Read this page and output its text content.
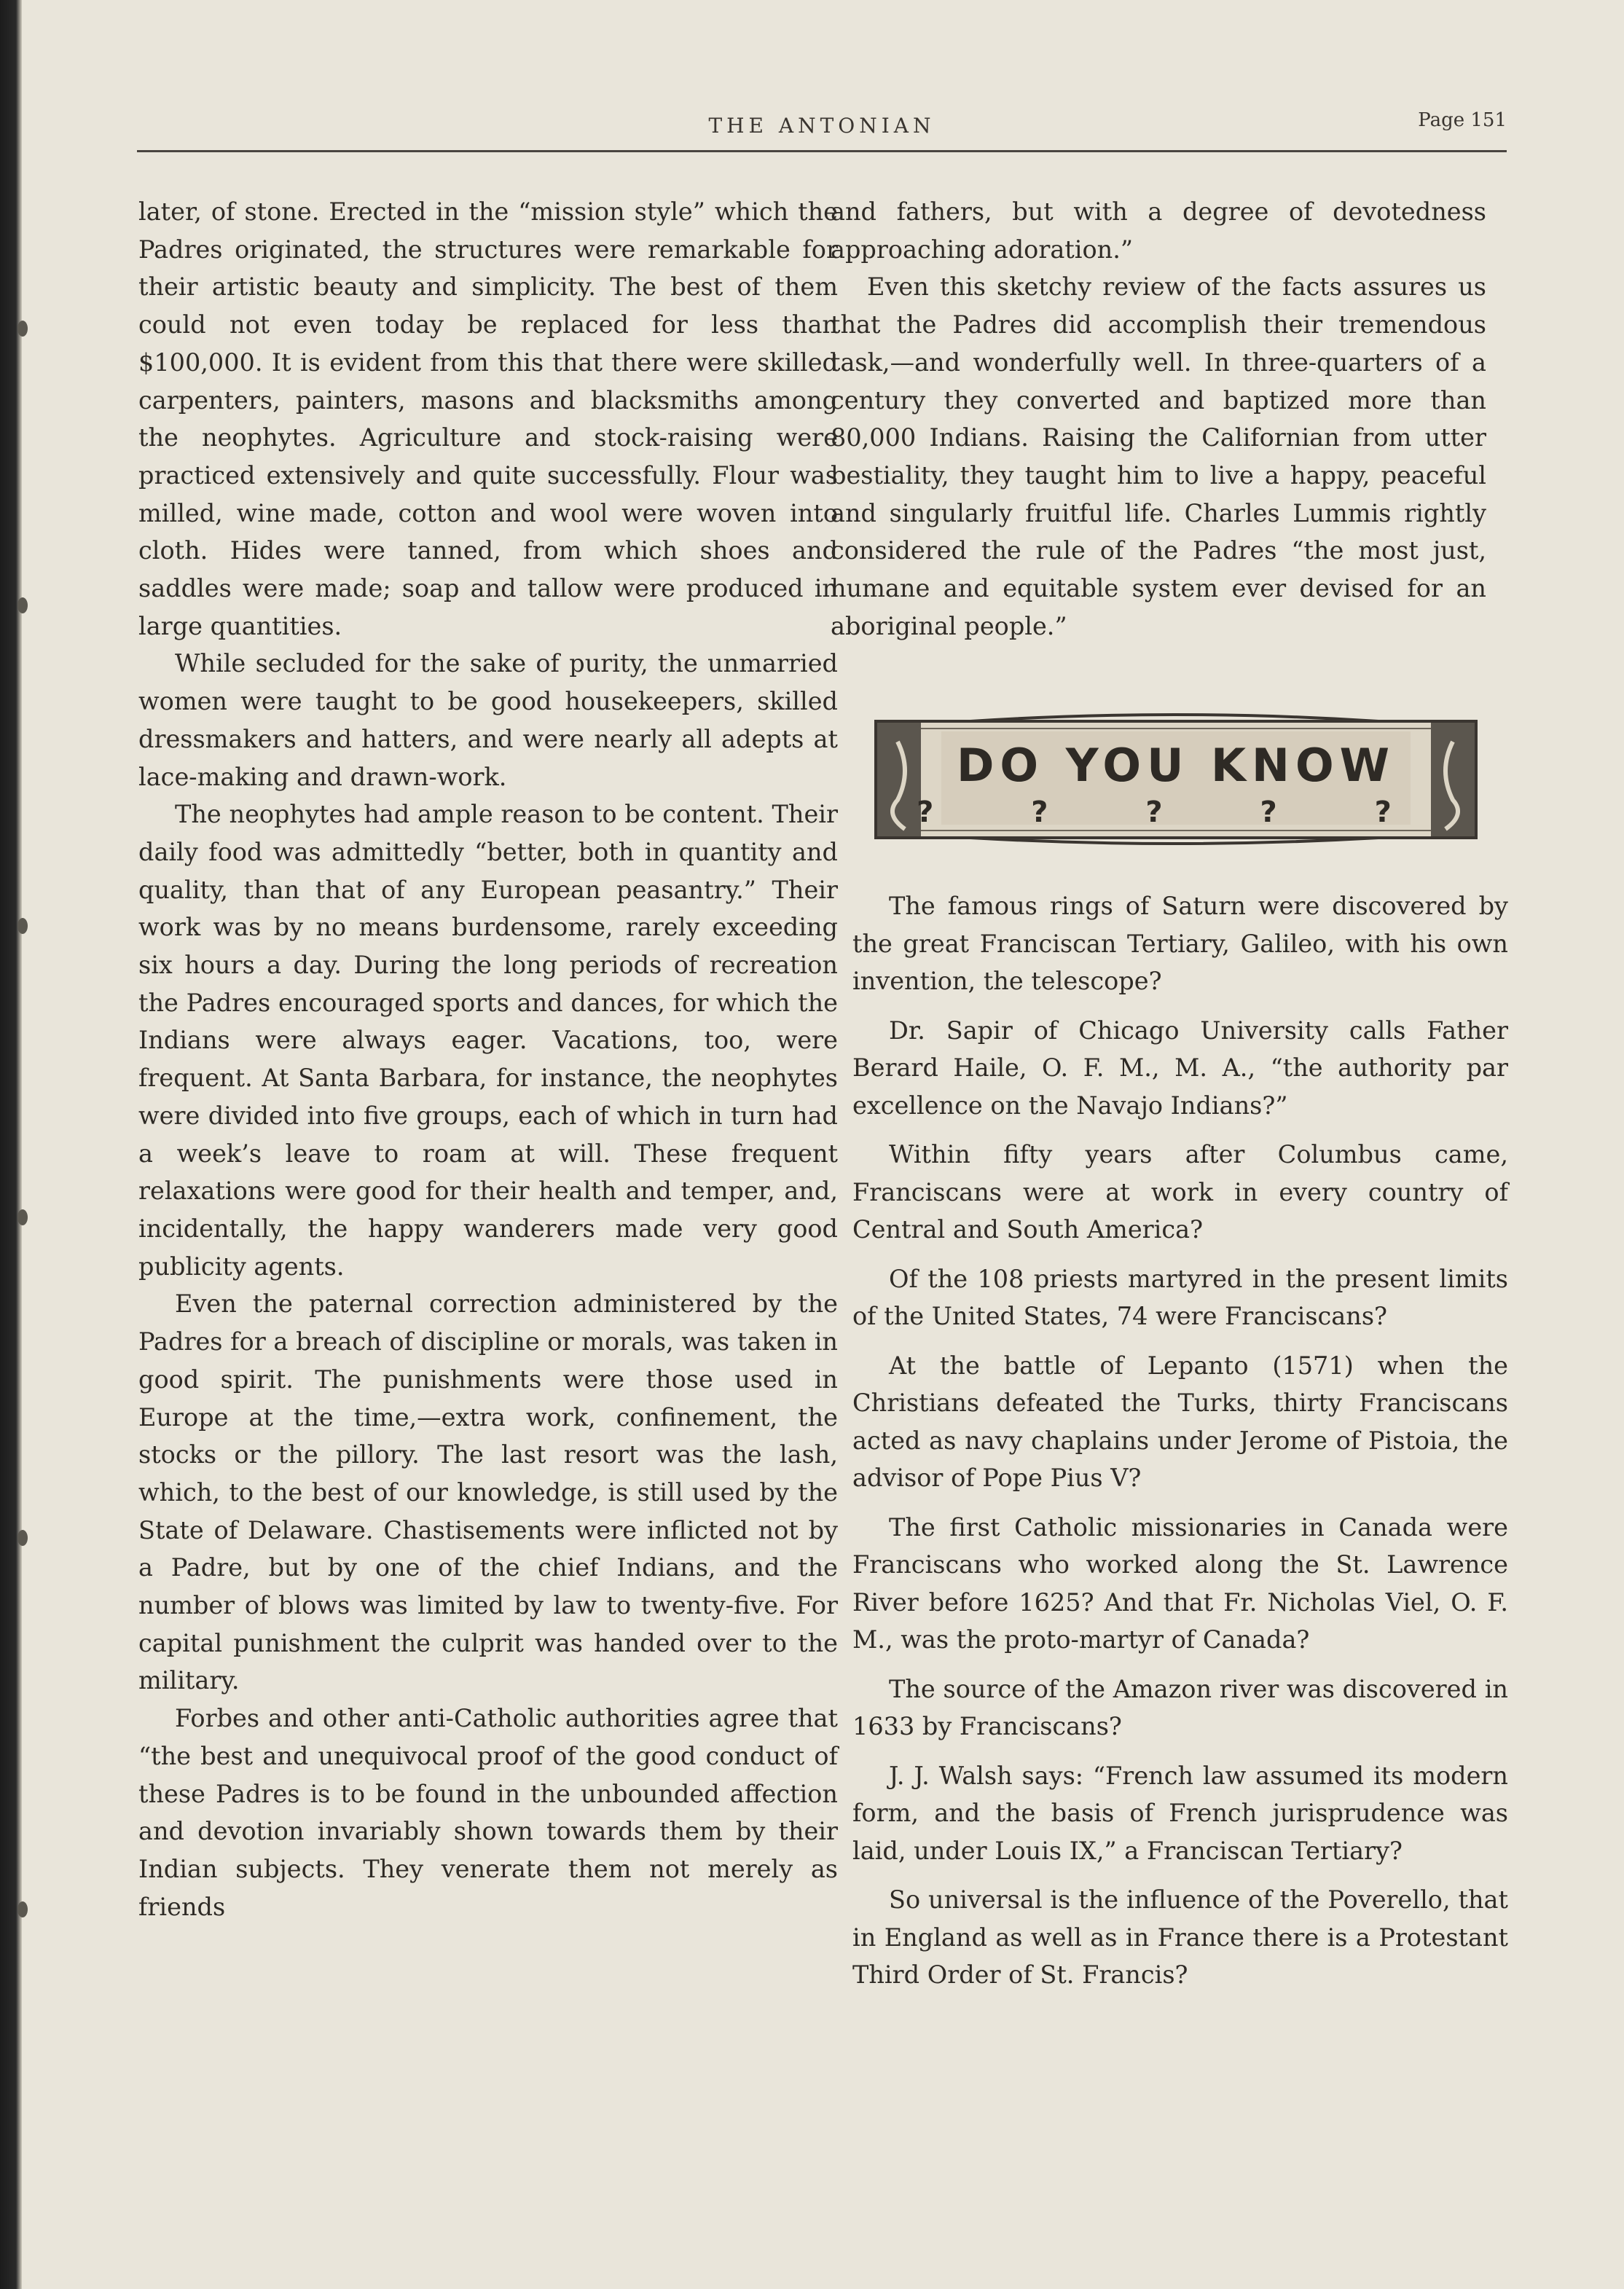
THE ANTONIAN	Page 151

later, of stone. Erected in the “mission style” which the Padres originated, the structures were remarkable for their artistic beauty and simplicity. The best of them could not even today be replaced for less than $100,000. It is evident from this that there were skilled carpenters, painters, masons and blacksmiths among the neophytes. Agriculture and stock-raising were practiced extensively and quite successfully. Flour was milled, wine made, cotton and wool were woven into cloth. Hides were tanned, from which shoes and saddles were made; soap and tallow were produced in large quantities.

While secluded for the sake of purity, the unmarried women were taught to be good housekeepers, skilled dressmakers and hatters, and were nearly all adepts at lace-making and drawn-work.

The neophytes had ample reason to be content. Their daily food was admittedly “better, both in quantity and quality, than that of any European peasantry.” Their work was by no means burdensome, rarely exceeding six hours a day. During the long periods of recreation the Padres encouraged sports and dances, for which the Indians were always eager. Vacations, too, were frequent. At Santa Barbara, for instance, the neophytes were divided into five groups, each of which in turn had a week’s leave to roam at will. These frequent relaxations were good for their health and temper, and, incidentally, the happy wanderers made very good publicity agents.

Even the paternal correction administered by the Padres for a breach of discipline or morals, was taken in good spirit. The punishments were those used in Europe at the time,—extra work, confinement, the stocks or the pillory. The last resort was the lash, which, to the best of our knowledge, is still used by the State of Delaware. Chastisements were inflicted not by a Padre, but by one of the chief Indians, and the number of blows was limited by law to twenty-five. For capital punishment the culprit was handed over to the military.

Forbes and other anti-Catholic authorities agree that “the best and unequivocal proof of the good conduct of these Padres is to be found in the unbounded affection and devotion invariably shown towards them by their Indian subjects. They venerate them not merely as friends

and fathers, but with a degree of devotedness approaching adoration.”

Even this sketchy review of the facts assures us that the Padres did accomplish their tremendous task,—and wonderfully well. In three-quarters of a century they converted and baptized more than 80,000 Indians. Raising the Californian from utter bestiality, they taught him to live a happy, peaceful and singularly fruitful life. Charles Lummis rightly considered the rule of the Padres “the most just, humane and equitable system ever devised for an aboriginal people.”

DO YOU KNOW
? ? ? ? ?

The famous rings of Saturn were discovered by the great Franciscan Tertiary, Galileo, with his own invention, the telescope?

Dr. Sapir of Chicago University calls Father Berard Haile, O. F. M., M. A., “the authority par excellence on the Navajo Indians?”

Within fifty years after Columbus came, Franciscans were at work in every country of Central and South America?

Of the 108 priests martyred in the present limits of the United States, 74 were Franciscans?

At the battle of Lepanto (1571) when the Christians defeated the Turks, thirty Franciscans acted as navy chaplains under Jerome of Pistoia, the advisor of Pope Pius V?

The first Catholic missionaries in Canada were Franciscans who worked along the St. Lawrence River before 1625? And that Fr. Nicholas Viel, O. F. M., was the proto-martyr of Canada?

The source of the Amazon river was discovered in 1633 by Franciscans?

J. J. Walsh says: “French law assumed its modern form, and the basis of French jurisprudence was laid, under Louis IX,” a Franciscan Tertiary?

So universal is the influence of the Poverello, that in England as well as in France there is a Protestant Third Order of St. Francis?
